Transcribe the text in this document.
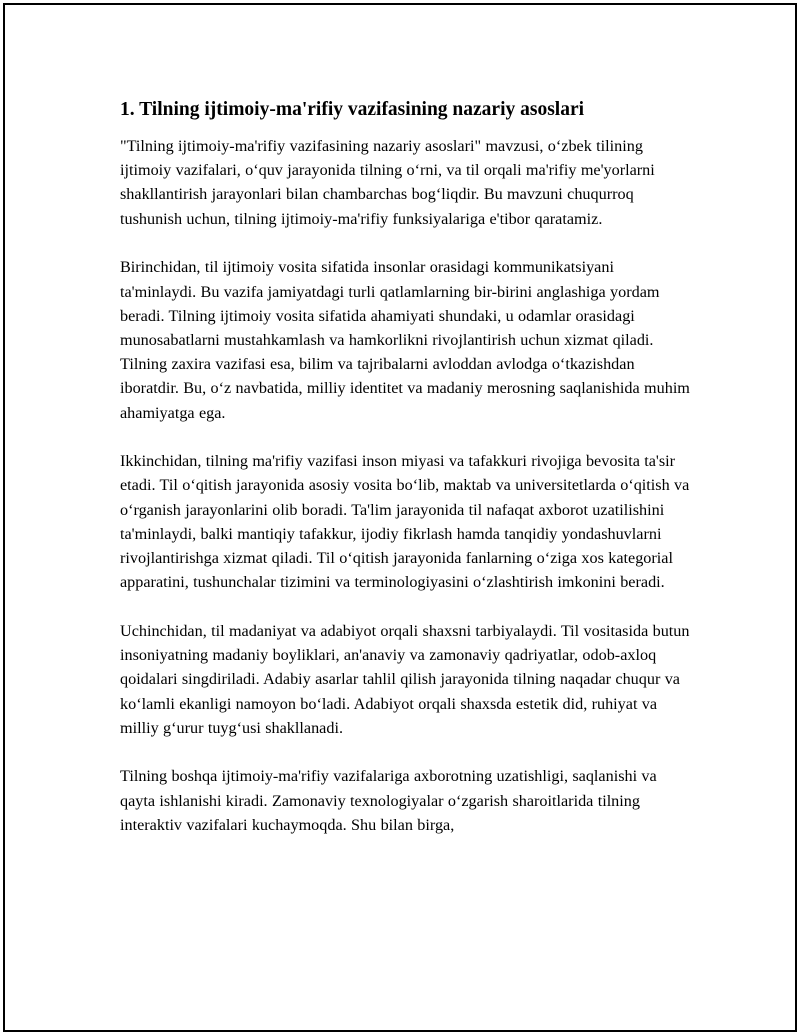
1. Tilning ijtimoiy-ma'rifiy vazifasining nazariy asoslari

"Tilning ijtimoiy-ma'rifiy vazifasining nazariy asoslari" mavzusi, o‘zbek tilining ijtimoiy vazifalari, o‘quv jarayonida tilning o‘rni, va til orqali ma'rifiy me'yorlarni shakllantirish jarayonlari bilan chambarchas bog‘liqdir. Bu mavzuni chuqurroq tushunish uchun, tilning ijtimoiy-ma'rifiy funksiyalariga e'tibor qaratamiz.

Birinchidan, til ijtimoiy vosita sifatida insonlar orasidagi kommunikatsiyani ta'minlaydi. Bu vazifa jamiyatdagi turli qatlamlarning bir-birini anglashiga yordam beradi. Tilning ijtimoiy vosita sifatida ahamiyati shundaki, u odamlar orasidagi munosabatlarni mustahkamlash va hamkorlikni rivojlantirish uchun xizmat qiladi. Tilning zaxira vazifasi esa, bilim va tajribalarni avloddan avlodga o‘tkazishdan iboratdir. Bu, o‘z navbatida, milliy identitet va madaniy merosning saqlanishida muhim ahamiyatga ega.

Ikkinchidan, tilning ma'rifiy vazifasi inson miyasi va tafakkuri rivojiga bevosita ta'sir etadi. Til o‘qitish jarayonida asosiy vosita bo‘lib, maktab va universitetlarda o‘qitish va o‘rganish jarayonlarini olib boradi. Ta'lim jarayonida til nafaqat axborot uzatilishini ta'minlaydi, balki mantiqiy tafakkur, ijodiy fikrlash hamda tanqidiy yondashuvlarni rivojlantirishga xizmat qiladi. Til o‘qitish jarayonida fanlarning o‘ziga xos kategorial apparatini, tushunchalar tizimini va terminologiyasini o‘zlashtirish imkonini beradi.

Uchinchidan, til madaniyat va adabiyot orqali shaxsni tarbiyalaydi. Til vositasida butun insoniyatning madaniy boyliklari, an'anaviy va zamonaviy qadriyatlar, odob-axloq qoidalari singdiriladi. Adabiy asarlar tahlil qilish jarayonida tilning naqadar chuqur va ko‘lamli ekanligi namoyon bo‘ladi. Adabiyot orqali shaxsda estetik did, ruhiyat va milliy g‘urur tuyg‘usi shakllanadi.

Tilning boshqa ijtimoiy-ma'rifiy vazifalariga axborotning uzatishligi, saqlanishi va qayta ishlanishi kiradi. Zamonaviy texnologiyalar o‘zgarish sharoitlarida tilning interaktiv vazifalari kuchaymoqda. Shu bilan birga,
